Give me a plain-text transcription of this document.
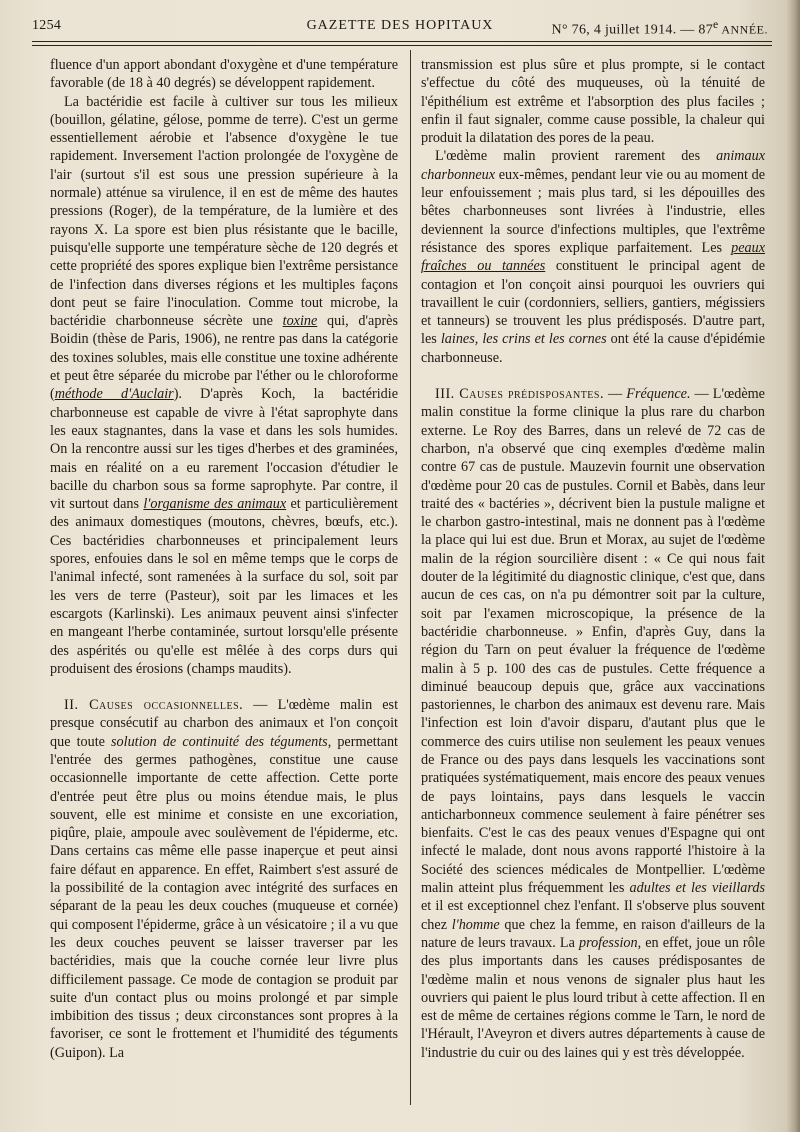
GAZETTE DES HOPITAUX
1254	N° 76, 4 juillet 1914. — 87e ANNÉE.

fluence d'un apport abondant d'oxygène et d'une température favorable (de 18 à 40 degrés) se développent rapidement.

La bactéridie est facile à cultiver sur tous les milieux (bouillon, gélatine, gélose, pomme de terre). C'est un germe essentiellement aérobie et l'absence d'oxygène le tue rapidement. Inversement l'action prolongée de l'oxygène de l'air (surtout s'il est sous une pression supérieure à la normale) atténue sa virulence, il en est de même des hautes pressions (Roger), de la température, de la lumière et des rayons X. La spore est bien plus résistante que le bacille, puisqu'elle supporte une température sèche de 120 degrés et cette propriété des spores explique bien l'extrême persistance de l'infection dans diverses régions et les multiples façons dont peut se faire l'inoculation. Comme tout microbe, la bactéridie charbonneuse sécrète une toxine qui, d'après Boidin (thèse de Paris, 1906), ne rentre pas dans la catégorie des toxines solubles, mais elle constitue une toxine adhérente et peut être séparée du microbe par l'éther ou le chloroforme (méthode d'Auclair). D'après Koch, la bactéridie charbonneuse est capable de vivre à l'état saprophyte dans les eaux stagnantes, dans la vase et dans les sols humides. On la rencontre aussi sur les tiges d'herbes et des graminées, mais en réalité on a eu rarement l'occasion d'étudier le bacille du charbon sous sa forme saprophyte. Par contre, il vit surtout dans l'organisme des animaux et particulièrement des animaux domestiques (moutons, chèvres, bœufs, etc.). Ces bactéridies charbonneuses et principalement leurs spores, enfouies dans le sol en même temps que le corps de l'animal infecté, sont ramenées à la surface du sol, soit par les vers de terre (Pasteur), soit par les limaces et les escargots (Karlinski). Les animaux peuvent ainsi s'infecter en mangeant l'herbe contaminée, surtout lorsqu'elle présente des aspérités ou qu'elle est mêlée à des corps durs qui produisent des érosions (champs maudits).

II. Causes occasionnelles. — L'œdème malin est presque consécutif au charbon des animaux et l'on conçoit que toute solution de continuité des téguments, permettant l'entrée des germes pathogènes, constitue une cause occasionnelle importante de cette affection. Cette porte d'entrée peut être plus ou moins étendue mais, le plus souvent, elle est minime et consiste en une excoriation, piqûre, plaie, ampoule avec soulèvement de l'épiderme, etc. Dans certains cas même elle passe inaperçue et peut ainsi faire défaut en apparence. En effet, Raimbert s'est assuré de la possibilité de la contagion avec intégrité des surfaces en séparant de la peau les deux couches (muqueuse et cornée) qui composent l'épiderme, grâce à un vésicatoire ; il a vu que les deux couches peuvent se laisser traverser par les bactéridies, mais que la couche cornée leur livre plus difficilement passage. Ce mode de contagion se produit par suite d'un contact plus ou moins prolongé et par simple imbibition des tissus ; deux circonstances sont propres à la favoriser, ce sont le frottement et l'humidité des téguments (Guipon). La

transmission est plus sûre et plus prompte, si le contact s'effectue du côté des muqueuses, où la ténuité de l'épithélium est extrême et l'absorption des plus faciles ; enfin il faut signaler, comme cause possible, la chaleur qui produit la dilatation des pores de la peau.

L'œdème malin provient rarement des animaux charbonneux eux-mêmes, pendant leur vie ou au moment de leur enfouissement ; mais plus tard, si les dépouilles des bêtes charbonneuses sont livrées à l'industrie, elles deviennent la source d'infections multiples, que l'extrême résistance des spores explique parfaitement. Les peaux fraîches ou tannées constituent le principal agent de contagion et l'on conçoit ainsi pourquoi les ouvriers qui travaillent le cuir (cordonniers, selliers, gantiers, mégissiers et tanneurs) se trouvent les plus prédisposés. D'autre part, les laines, les crins et les cornes ont été la cause d'épidémie charbonneuse.

III. Causes prédisposantes. — Fréquence. — L'œdème malin constitue la forme clinique la plus rare du charbon externe. Le Roy des Barres, dans un relevé de 72 cas de charbon, n'a observé que cinq exemples d'œdème malin contre 67 cas de pustule. Mauzevin fournit une observation d'œdème pour 20 cas de pustules. Cornil et Babès, dans leur traité des « bactéries », décrivent bien la pustule maligne et le charbon gastro-intestinal, mais ne donnent pas à l'œdème la place qui lui est due. Brun et Morax, au sujet de l'œdème malin de la région sourcilière disent : « Ce qui nous fait douter de la légitimité du diagnostic clinique, c'est que, dans aucun de ces cas, on n'a pu démontrer soit par la culture, soit par l'examen microscopique, la présence de la bactéridie charbonneuse. » Enfin, d'après Guy, dans la région du Tarn on peut évaluer la fréquence de l'œdème malin à 5 p. 100 des cas de pustules. Cette fréquence a diminué beaucoup depuis que, grâce aux vaccinations pastoriennes, le charbon des animaux est devenu rare. Mais l'infection est loin d'avoir disparu, d'autant plus que le commerce des cuirs utilise non seulement les peaux venues de France ou des pays dans lesquels les vaccinations sont pratiquées systématiquement, mais encore des peaux venues de pays lointains, pays dans lesquels le vaccin anticharbonneux commence seulement à faire pénétrer ses bienfaits. C'est le cas des peaux venues d'Espagne qui ont infecté le malade, dont nous avons rapporté l'histoire à la Société des sciences médicales de Montpellier. L'œdème malin atteint plus fréquemment les adultes et les vieillards et il est exceptionnel chez l'enfant. Il s'observe plus souvent chez l'homme que chez la femme, en raison d'ailleurs de la nature de leurs travaux. La profession, en effet, joue un rôle des plus importants dans les causes prédisposantes de l'œdème malin et nous venons de signaler plus haut les ouvriers qui paient le plus lourd tribut à cette affection. Il en est de même de certaines régions comme le Tarn, le nord de l'Hérault, l'Aveyron et divers autres départements à cause de l'industrie du cuir ou des laines qui y est très développée.
